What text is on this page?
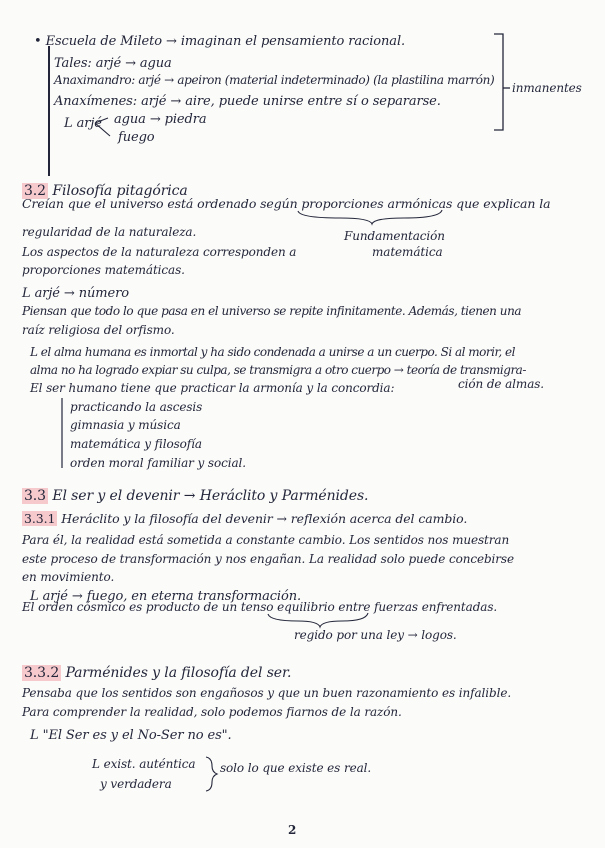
• Escuela de Mileto → imaginan el pensamiento racional.
Tales: arjé → agua
Anaximandro: arjé → apeiron (material indeterminado) (la plastilina marrón)
Anaxímenes: arjé → aire, puede unirse entre sí o separarse.
L arjé agua → piedra
fuego
inmanentes
3.2 Filosofía pitagórica
Creían que el universo está ordenado según proporciones armónicas que explican la
regularidad de la naturaleza.	Fundamentación
matemática
Los aspectos de la naturaleza corresponden a
proporciones matemáticas.
L arjé → número
Piensan que todo lo que pasa en el universo se repite infinitamente. Además, tienen una
raíz religiosa del orfismo.
L el alma humana es inmortal y ha sido condenada a unirse a un cuerpo. Si al morir, el
alma no ha logrado expiar su culpa, se transmigra a otro cuerpo → teoría de transmigra-
ción de almas.
El ser humano tiene que practicar la armonía y la concordia:
practicando la ascesis
gimnasia y música
matemática y filosofía
orden moral familiar y social.
3.3 El ser y el devenir → Heráclito y Parménides.
3.3.1 Heráclito y la filosofía del devenir → reflexión acerca del cambio.
Para él, la realidad está sometida a constante cambio. Los sentidos nos muestran
este proceso de transformación y nos engañan. La realidad solo puede concebirse
en movimiento.
L arjé → fuego, en eterna transformación.
El orden cósmico es producto de un tenso equilibrio entre fuerzas enfrentadas.
regido por una ley → logos.
3.3.2 Parménides y la filosofía del ser.
Pensaba que los sentidos son engañosos y que un buen razonamiento es infalible.
Para comprender la realidad, solo podemos fiarnos de la razón.
L "El Ser es y el No-Ser no es".
L exist. auténtica
y verdadera
solo lo que existe es real.
2
